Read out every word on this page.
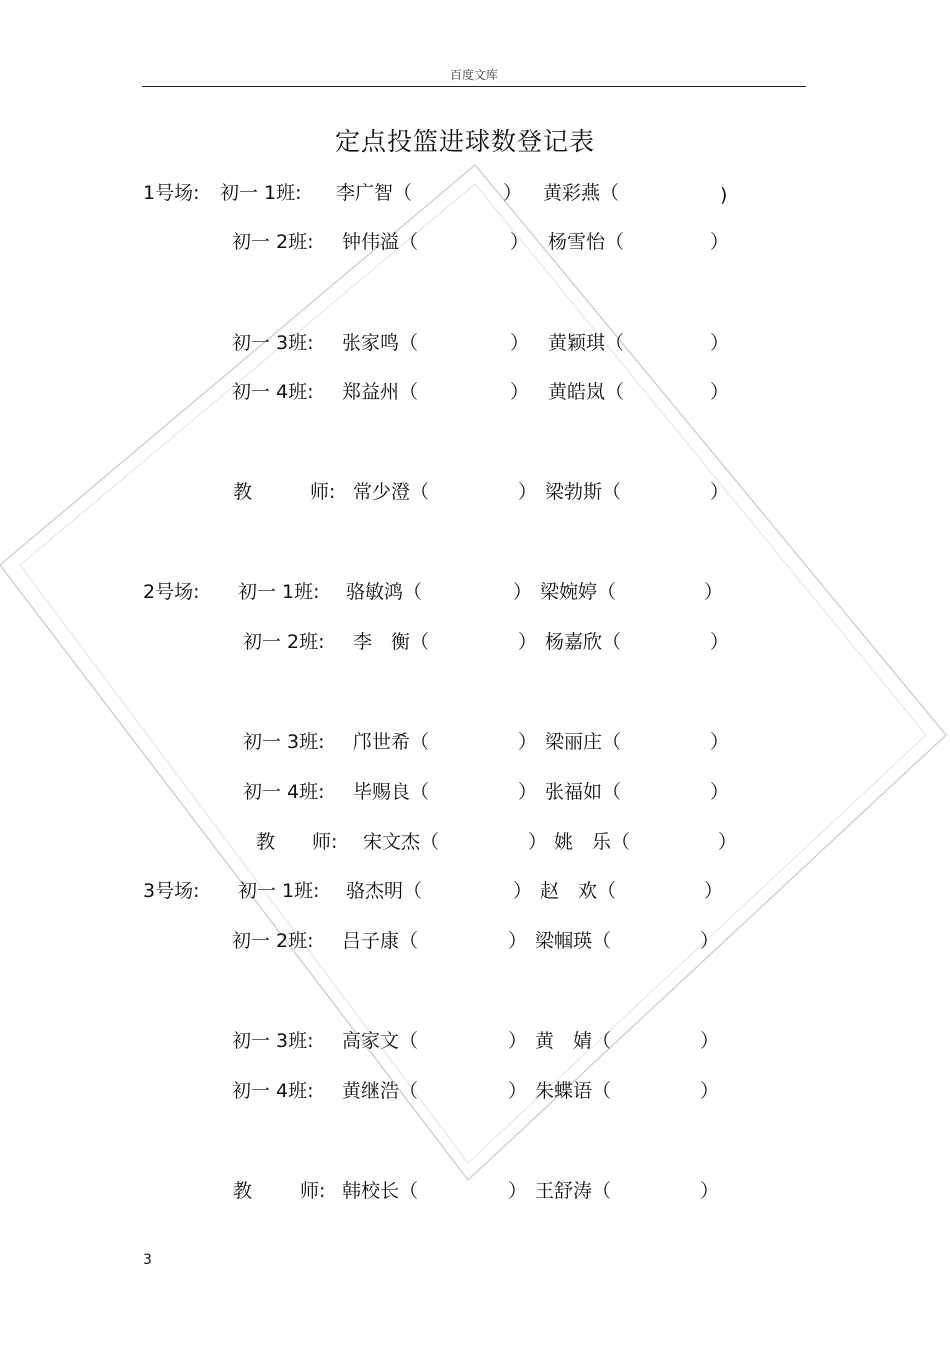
百度文库
定点投篮进球数登记表
1号场: 初一 1班: 李广智（	） 黄彩燕（	)
初一 2班: 钟伟溢（	） 杨雪怡（	）
初一 3班: 张家鸣（	） 黄颖琪（	）
初一 4班: 郑益州（	） 黄皓岚（	）
教	师: 常少澄（	） 梁勃斯（	）
2号场: 初一 1班: 骆敏鸿（	） 梁婉婷（	）
初一 2班: 李　衡（	） 杨嘉欣（	）
初一 3班: 邝世希（	） 梁丽庄（	）
初一 4班: 毕赐良（	） 张福如（	）
教 师: 宋文杰（	） 姚　乐（	）
3号场: 初一 1班: 骆杰明（	） 赵　欢（	）
初一 2班: 吕子康（	） 梁帼瑛（	）
初一 3班: 高家文（	） 黄　婧（	）
初一 4班: 黄继浩（	） 朱蝶语（	）
教	师: 韩校长（	） 王舒涛（	）
3
